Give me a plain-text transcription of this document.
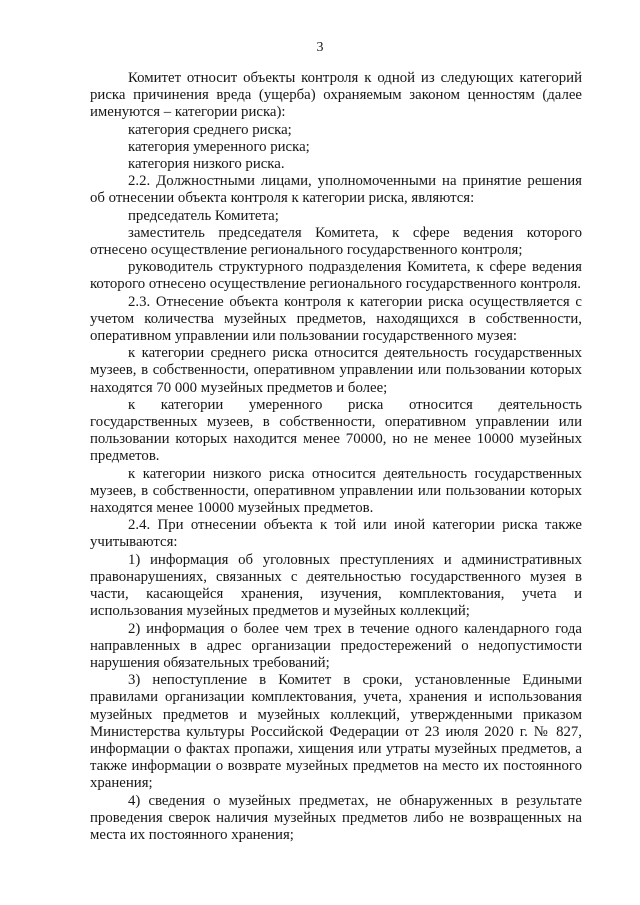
3

Комитет относит объекты контроля к одной из следующих категорий риска причинения вреда (ущерба) охраняемым законом ценностям (далее именуются – категории риска):

категория среднего риска;

категория умеренного риска;

категория низкого риска.

2.2. Должностными лицами, уполномоченными на принятие решения об отнесении объекта контроля к категории риска, являются:

председатель Комитета;

заместитель председателя Комитета, к сфере ведения которого отнесено осуществление регионального государственного контроля;

руководитель структурного подразделения Комитета, к сфере ведения которого отнесено осуществление регионального государственного контроля.

2.3. Отнесение объекта контроля к категории риска осуществляется с учетом количества музейных предметов, находящихся в собственности, оперативном управлении или пользовании государственного музея:

к категории среднего риска относится деятельность государственных музеев, в собственности, оперативном управлении или пользовании которых находятся 70 000 музейных предметов и более;

к категории умеренного риска относится деятельность государственных музеев, в собственности, оперативном управлении или пользовании которых находится менее 70000, но не менее 10000 музейных предметов.

к категории низкого риска относится деятельность государственных музеев, в собственности, оперативном управлении или пользовании которых находятся менее 10000 музейных предметов.

2.4. При отнесении объекта к той или иной категории риска также учитываются:

1) информация об уголовных преступлениях и административных правонарушениях, связанных с деятельностью государственного музея в части, касающейся хранения, изучения, комплектования, учета и использования музейных предметов и музейных коллекций;

2) информация о более чем трех в течение одного календарного года направленных в адрес организации предостережений о недопустимости нарушения обязательных требований;

3) непоступление в Комитет в сроки, установленные Едиными правилами организации комплектования, учета, хранения и использования музейных предметов и музейных коллекций, утвержденными приказом Министерства культуры Российской Федерации от 23 июля 2020 г. № 827, информации о фактах пропажи, хищения или утраты музейных предметов, а также информации о возврате музейных предметов на место их постоянного хранения;

4) сведения о музейных предметах, не обнаруженных в результате проведения сверок наличия музейных предметов либо не возвращенных на места их постоянного хранения;
